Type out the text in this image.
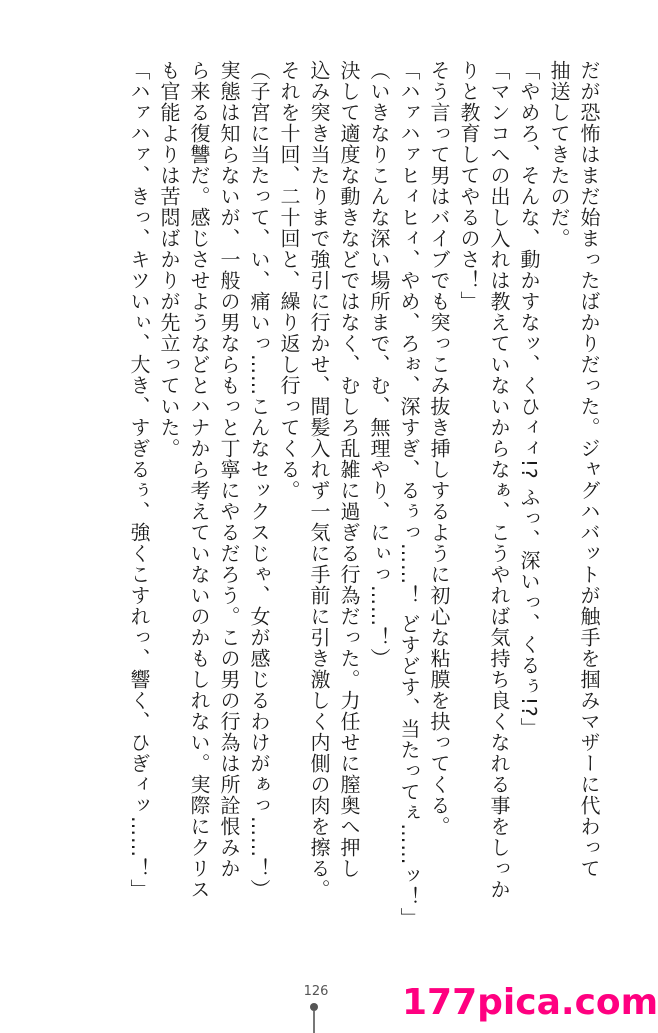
だが恐怖はまだ始まったばかりだった。ジャグハバットが触手を掴みマザーに代わって
抽送してきたのだ。
「やめろ、そんな、動かすなッ、くひィィ!? ふっ、深いっ、くるぅ!?」
「マンコへの出し入れは教えていないからなぁ、こうやれば気持ち良くなれる事をしっか
りと教育してやるのさ！」
そう言って男はバイブでも突っこみ抜き挿しするように初心な粘膜を抉ってくる。
「ハァハァヒィヒィ、やめ、ろぉ、深すぎ、るぅっ……！ どすどす、当たってぇ……ッ！」
（いきなりこんな深い場所まで、む、無理やり、にぃっ……！）
決して適度な動きなどではなく、むしろ乱雑に過ぎる行為だった。力任せに膣奥へ押し
込み突き当たりまで強引に行かせ、間髪入れず一気に手前に引き激しく内側の肉を擦る。
それを十回、二十回と、繰り返し行ってくる。
（子宮に当たって、い、痛いっ……こんなセックスじゃ、女が感じるわけがぁっ……！）
実態は知らないが、一般の男ならもっと丁寧にやるだろう。この男の行為は所詮恨みか
ら来る復讐だ。感じさせようなどとハナから考えていないのかもしれない。実際にクリス
も官能よりは苦悶ばかりが先立っていた。
「ハァハァ、きっ、キツいぃ、大き、すぎるぅ、強くこすれっ、響く、ひぎィッ……！」
126 177pica.com
